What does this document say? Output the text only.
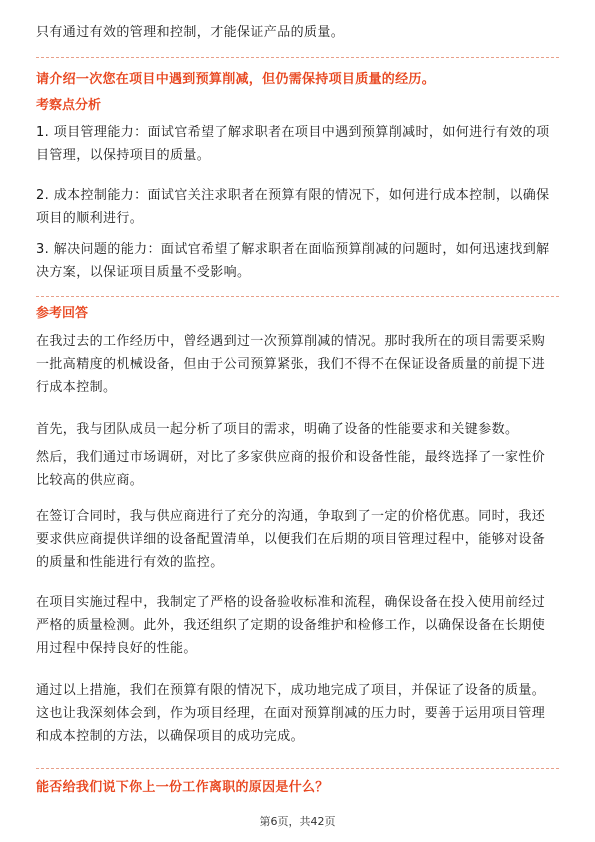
只有通过有效的管理和控制，才能保证产品的质量。

请介绍一次您在项目中遇到预算削减，但仍需保持项目质量的经历。

考察点分析

1. 项目管理能力：面试官希望了解求职者在项目中遇到预算削减时，如何进行有效的项目管理，以保持项目的质量。

2. 成本控制能力：面试官关注求职者在预算有限的情况下，如何进行成本控制，以确保项目的顺利进行。

3. 解决问题的能力：面试官希望了解求职者在面临预算削减的问题时，如何迅速找到解决方案，以保证项目质量不受影响。

参考回答

在我过去的工作经历中，曾经遇到过一次预算削减的情况。那时我所在的项目需要采购一批高精度的机械设备，但由于公司预算紧张，我们不得不在保证设备质量的前提下进行成本控制。

首先，我与团队成员一起分析了项目的需求，明确了设备的性能要求和关键参数。

然后，我们通过市场调研，对比了多家供应商的报价和设备性能，最终选择了一家性价比较高的供应商。

在签订合同时，我与供应商进行了充分的沟通，争取到了一定的价格优惠。同时，我还要求供应商提供详细的设备配置清单，以便我们在后期的项目管理过程中，能够对设备的质量和性能进行有效的监控。

在项目实施过程中，我制定了严格的设备验收标准和流程，确保设备在投入使用前经过严格的质量检测。此外，我还组织了定期的设备维护和检修工作，以确保设备在长期使用过程中保持良好的性能。

通过以上措施，我们在预算有限的情况下，成功地完成了项目，并保证了设备的质量。这也让我深刻体会到，作为项目经理，在面对预算削减的压力时，要善于运用项目管理和成本控制的方法，以确保项目的成功完成。

能否给我们说下你上一份工作离职的原因是什么？

第6页，共42页
